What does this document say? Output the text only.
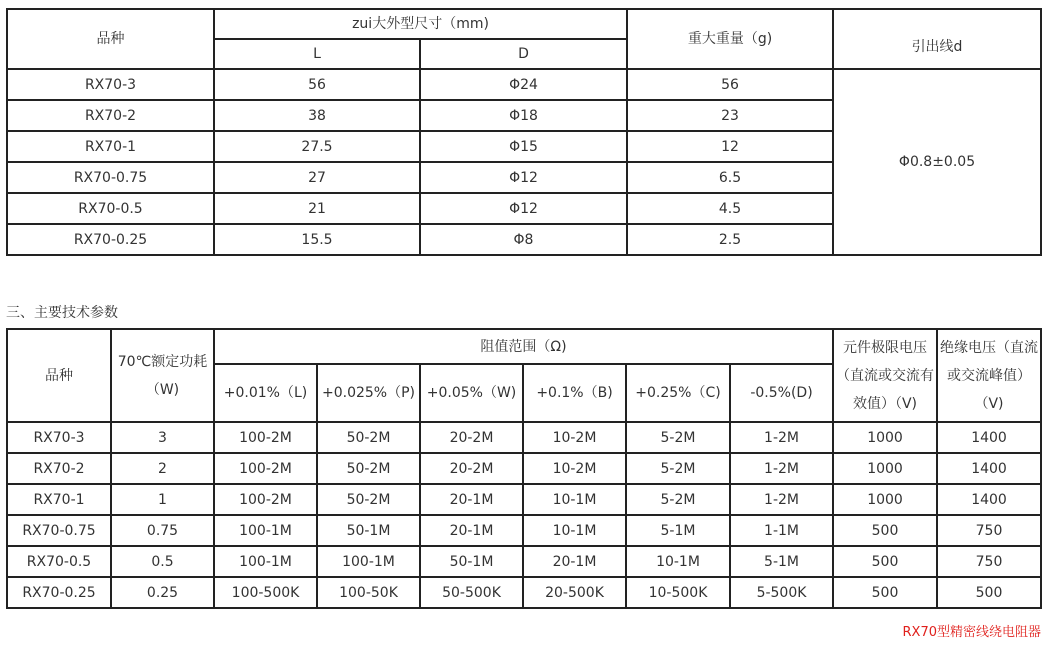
品种	zui大外型尺寸（mm)		重大重量（g)	引出线d
	L	D		
RX70-3	56	Φ24	56	Φ0.8±0.05
RX70-2	38	Φ18	23	
RX70-1	27.5	Φ15	12	
RX70-0.75	27	Φ12	6.5	
RX70-0.5	21	Φ12	4.5	
RX70-0.25	15.5	Φ8	2.5	
三、主要技术参数
品种	70℃额定功耗（W)	阻值范围（Ω)						元件极限电压（直流或交流有效值）（V)	绝缘电压（直流或交流峰值）（V)
		+0.01%（L)	+0.025%（P)	+0.05%（W)	+0.1%（B)	+0.25%（C)	-0.5%(D)		
RX70-3	3	100-2M	50-2M	20-2M	10-2M	5-2M	1-2M	1000	1400
RX70-2	2	100-2M	50-2M	20-2M	10-2M	5-2M	1-2M	1000	1400
RX70-1	1	100-2M	50-2M	20-1M	10-1M	5-2M	1-2M	1000	1400
RX70-0.75	0.75	100-1M	50-1M	20-1M	10-1M	5-1M	1-1M	500	750
RX70-0.5	0.5	100-1M	100-1M	50-1M	20-1M	10-1M	5-1M	500	750
RX70-0.25	0.25	100-500K	100-50K	50-500K	20-500K	10-500K	5-500K	500	500
RX70型精密线绕电阻器
